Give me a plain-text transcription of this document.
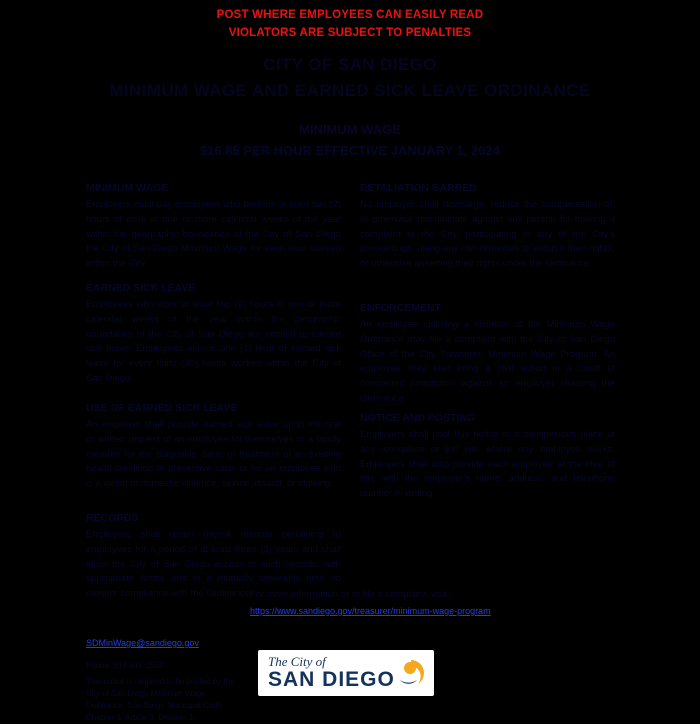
POST WHERE EMPLOYEES CAN EASILY READ
VIOLATORS ARE SUBJECT TO PENALTIES
CITY OF SAN DIEGO
MINIMUM WAGE AND EARNED SICK LEAVE ORDINANCE
MINIMUM WAGE
$16.85 PER HOUR EFFECTIVE JANUARY 1, 2024
MINIMUM WAGE
Employers must pay employees who perform at least two (2) hours of work in one or more calendar weeks of the year within the geographic boundaries of the City of San Diego the City of San Diego Minimum Wage for each hour worked within the City.
EARNED SICK LEAVE
Employees who work at least two (2) hours in one or more calendar weeks of the year within the geographic boundaries of the City of San Diego are entitled to earned sick leave. Employees accrue one (1) hour of earned sick leave for every thirty (30) hours worked within the City of San Diego.
USE OF EARNED SICK LEAVE
An employer shall provide earned sick leave upon the oral or written request of an employee for themselves or a family member for the diagnosis, care, or treatment of an existing health condition or preventive care; or for an employee who is a victim of domestic violence, sexual assault, or stalking.
RETALIATION BARRED
No employer shall discharge, reduce the compensation of, or otherwise discriminate against any person for making a complaint to the City, participating in any of the City's proceedings, using any civil remedies to enforce their rights, or otherwise asserting their rights under the Ordinance.
ENFORCEMENT
An employee claiming a violation of the Minimum Wage Ordinance may file a complaint with the City of San Diego Office of the City Treasurer, Minimum Wage Program. An employee may also bring a civil action in a court of competent jurisdiction against an employer violating the Ordinance.
NOTICE AND POSTING
Employers shall post this notice in a conspicuous place at any workplace or job site where any employee works. Employers shall also provide each employee at the time of hire with the employer's name, address, and telephone number in writing.
RECORDS
Employers shall retain payroll records pertaining to employees for a period of at least three (3) years and shall allow the City of San Diego access to such records, with appropriate notice and at a mutually agreeable time, to monitor compliance with the Ordinance.
For more information or to file a complaint, visit:
https://www.sandiego.gov/treasurer/minimum-wage-program
SDMinWage@sandiego.gov
Phone: 619-615-1565
This notice is required to be posted by the City of San Diego Minimum Wage Ordinance, San Diego Municipal Code Chapter 3, Article 9, Division 1.
The City of
SAN DIEGO
